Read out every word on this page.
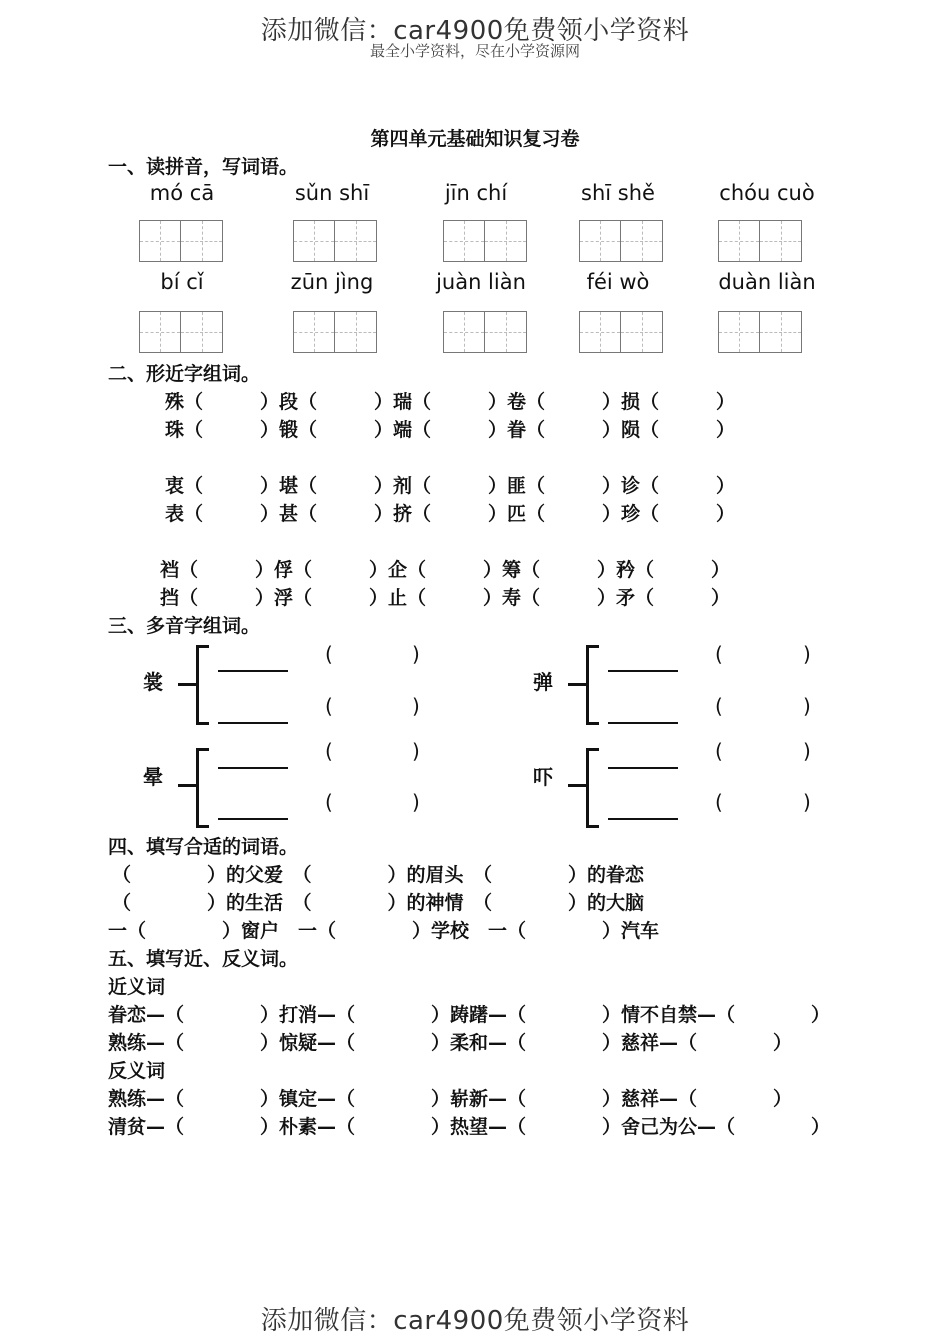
添加微信：car4900免费领小学资料
最全小学资料，尽在小学资源网
第四单元基础知识复习卷
一、读拼音，写词语。
mó cā	sǔn shī	jīn chí	shī shě	chóu cuò
bí cǐ	zūn jìng	juàn liàn	féi wò	duàn liàn
二、形近字组词。
殊（　　　）段（　　　）瑞（　　　）卷（　　　）损（　　　）
珠（　　　）锻（　　　）端（　　　）眷（　　　）陨（　　　）
衷（　　　）堪（　　　）剂（　　　）匪（　　　）诊（　　　）
表（　　　）甚（　　　）挤（　　　）匹（　　　）珍（　　　）
裆（　　　）俘（　　　）企（　　　）筹（　　　）矜（　　　）
挡（　　　）浮（　　　）止（　　　）寿（　　　）矛（　　　）
三、多音字组词。
裳
(	)
(	)
弹
(	)
(	)
晕
(	)
(	)
吓
(	)
(	)
四、填写合适的词语。
（　　　　）的父爱　（　　　　）的眉头　（　　　　）的眷恋
（　　　　）的生活　（　　　　）的神情　（　　　　）的大脑
一（　　　　）窗户　一（　　　　）学校　一（　　　　）汽车
五、填写近、反义词。
近义词
眷恋—（　　　　）打消—（　　　　）踌躇—（　　　　）情不自禁—（　　　　）
熟练—（　　　　）惊疑—（　　　　）柔和—（　　　　）慈祥—（　　　　）
反义词
熟练—（　　　　）镇定—（　　　　）崭新—（　　　　）慈祥—（　　　　）
清贫—（　　　　）朴素—（　　　　）热望—（　　　　）舍己为公—（　　　　）
添加微信：car4900免费领小学资料
